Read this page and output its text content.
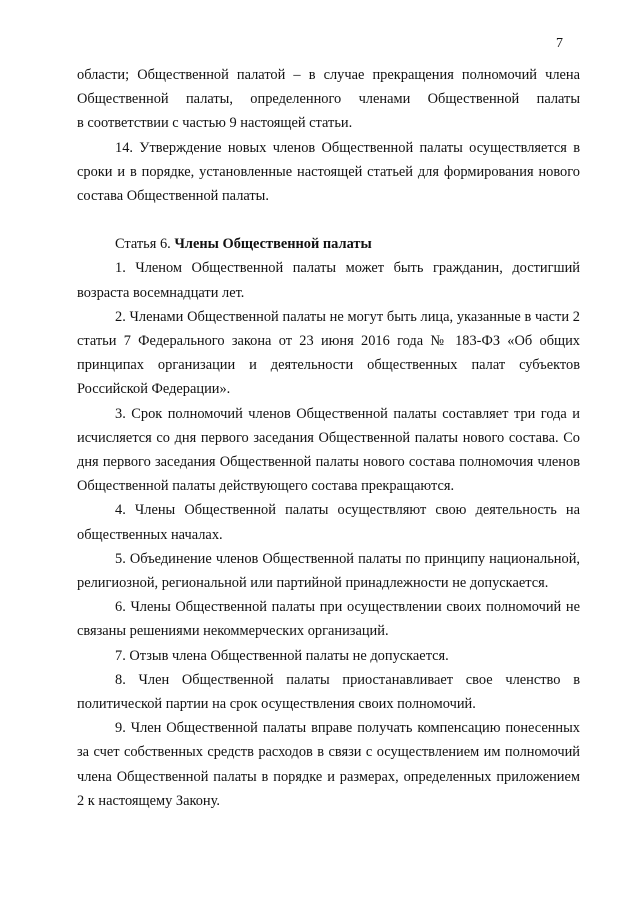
7

области; Общественной палатой – в случае прекращения полномочий члена

Общественной палаты, определенного членами Общественной палаты

в соответствии с частью 9 настоящей статьи.

14. Утверждение новых членов Общественной палаты осуществляется в сроки и в порядке, установленные настоящей статьей для формирования нового состава Общественной палаты.

Статья 6. Члены Общественной палаты

1. Членом Общественной палаты может быть гражданин, достигший возраста восемнадцати лет.

2. Членами Общественной палаты не могут быть лица, указанные в части 2 статьи 7 Федерального закона от 23 июня 2016 года № 183-ФЗ «Об общих принципах организации и деятельности общественных палат субъектов Российской Федерации».

3. Срок полномочий членов Общественной палаты составляет три года и исчисляется со дня первого заседания Общественной палаты нового состава. Со дня первого заседания Общественной палаты нового состава полномочия членов Общественной палаты действующего состава прекращаются.

4. Члены Общественной палаты осуществляют свою деятельность на общественных началах.

5. Объединение членов Общественной палаты по принципу национальной, религиозной, региональной или партийной принадлежности не допускается.

6. Члены Общественной палаты при осуществлении своих полномочий не связаны решениями некоммерческих организаций.

7. Отзыв члена Общественной палаты не допускается.

8. Член Общественной палаты приостанавливает свое членство в политической партии на срок осуществления своих полномочий.

9. Член Общественной палаты вправе получать компенсацию понесенных за счет собственных средств расходов в связи с осуществлением им полномочий члена Общественной палаты в порядке и размерах, определенных приложением 2 к настоящему Закону.
